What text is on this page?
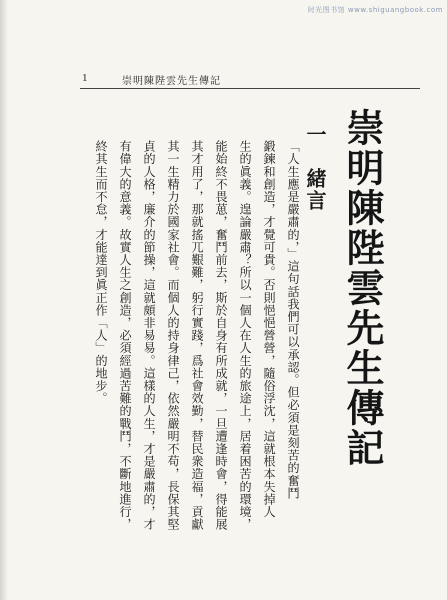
时光图书馆 www.shiguangbook.com
1	崇明陳陛雲先生傳記
崇明陳陛雲先生傳記
一　緒言
「人生應是嚴肅的，」這句話我們可以承認。但必須是刻苦的奮鬥
鍛鍊和創造，才覺可貴。否則悒悒營營，隨俗浮沈，這就根本失掉人
生的眞義。遑論嚴肅？所以一個人在人生的旅途上，居着困苦的環境，
能始終不畏葸，奮鬥前去，斯於自身有所成就，一旦遭逢時會，得能展
其才用了，那就搖兀艱難，躬行實踐，爲社會效勤，替民衆造福，貢獻
其一生精力於國家社會。而個人的持身律己，依然嚴明不苟，長保其堅
貞的人格，廉介的節操，這就頗非易易。這樣的人生，才是嚴肅的，才
有偉大的意義。故實人生之創造，必須經過苦難的戰鬥，不斷地進行，
終其生而不怠，才能達到眞正作「人」的地步。
